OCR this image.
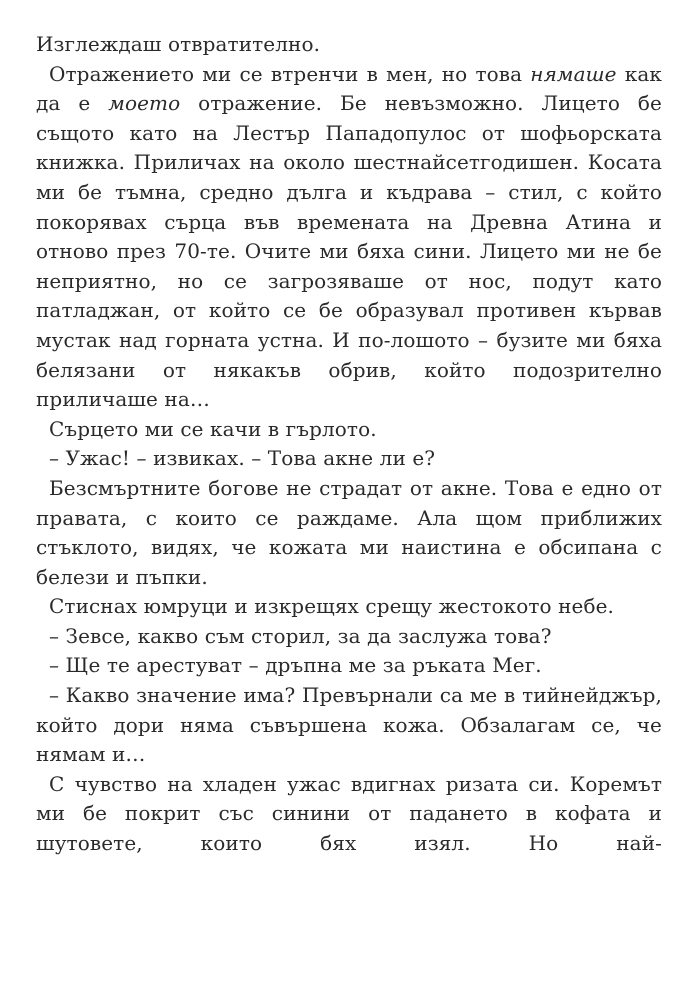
Изглеждаш отвратително.

Отражението ми се втренчи в мен, но това нямаше как да е моето отражение. Бе невъзможно. Лицето бе същото като на Лестър Пападопулос от шофьорската книжка. Приличах на около шестнайсетгодишен. Косата ми бе тъмна, средно дълга и къдрава – стил, с който покорявах сърца във времената на Древна Атина и отново през 70-те. Очите ми бяха сини. Лицето ми не бе неприятно, но се загрозяваше от нос, подут като патладжан, от който се бе образувал противен кървав мустак над горната устна. И по-лошото – бузите ми бяха белязани от някакъв обрив, който подозрително приличаше на…

Сърцето ми се качи в гърлото.

– Ужас! – извиках. – Това акне ли е?

Безсмъртните богове не страдат от акне. Това е едно от правата, с които се раждаме. Ала щом приближих стъклото, видях, че кожата ми наистина е обсипана с белези и пъпки.

Стиснах юмруци и изкрещях срещу жестокото небе.

– Зевсе, какво съм сторил, за да заслужа това?

– Ще те арестуват – дръпна ме за ръката Мег.

– Какво значение има? Превърнали са ме в тийнейджър, който дори няма съвършена кожа. Обзалагам се, че нямам и…

С чувство на хладен ужас вдигнах ризата си. Коремът ми бе покрит със синини от падането в кофата и шутовете, които бях изял. Но най-
